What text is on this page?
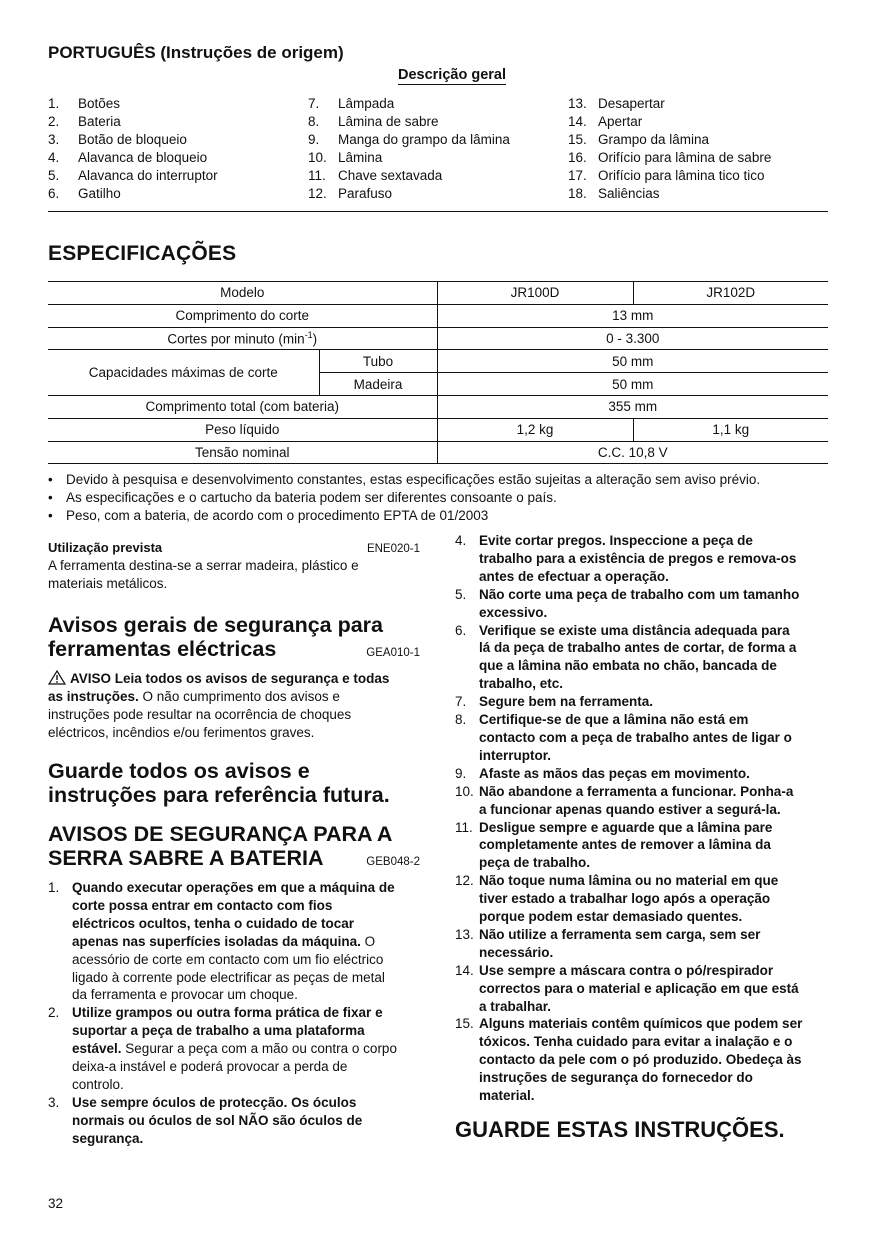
PORTUGUÊS (Instruções de origem)
Descrição geral
1.	Botões
2.	Bateria
3.	Botão de bloqueio
4.	Alavanca de bloqueio
5.	Alavanca do interruptor
6.	Gatilho
7.	Lâmpada
8.	Lâmina de sabre
9.	Manga do grampo da lâmina
10. Lâmina
11. Chave sextavada
12. Parafuso
13. Desapertar
14. Apertar
15. Grampo da lâmina
16. Orifício para lâmina de sabre
17. Orifício para lâmina tico tico
18. Saliências
ESPECIFICAÇÕES
Modelo		JR100D	JR102D
Comprimento do corte		13 mm	
Cortes por minuto $(\min^{-1})$		0 - 3.300	
Capacidades máximas de corte	Tubo	50 mm	
	Madeira	50 mm	
Comprimento total (com bateria)		355 mm	
Peso líquido		1,2 kg	1,1 kg
Tensão nominal		C.C. 10,8 V	
• Devido à pesquisa e desenvolvimento constantes, estas especificações estão sujeitas a alteração sem aviso prévio.
• As especificações e o cartucho da bateria podem ser diferentes consoante o país.
• Peso, com a bateria, de acordo com o procedimento EPTA de 01/2003
Utilização prevista	ENE020-1
A ferramenta destina-se a serrar madeira, plástico e
materiais metálicos.
Avisos gerais de segurança para
ferramentas eléctricas	GEA010-1
AVISO Leia todos os avisos de segurança e todas
as instruções. O não cumprimento dos avisos e
instruções pode resultar na ocorrência de choques
eléctricos, incêndios e/ou ferimentos graves.
Guarde todos os avisos e
instruções para referência futura.
AVISOS DE SEGURANÇA PARA A
SERRA SABRE A BATERIA	GEB048-2
1. Quando executar operações em que a máquina de
corte possa entrar em contacto com fios
eléctricos ocultos, tenha o cuidado de tocar
apenas nas superfícies isoladas da máquina. O
acessório de corte em contacto com um fio eléctrico
ligado à corrente pode electrificar as peças de metal
da ferramenta e provocar um choque.
2. Utilize grampos ou outra forma prática de fixar e
suportar a peça de trabalho a uma plataforma
estável. Segurar a peça com a mão ou contra o corpo
deixa-a instável e poderá provocar a perda de
controlo.
3. Use sempre óculos de protecção. Os óculos
normais ou óculos de sol NÃO são óculos de
segurança.
4. Evite cortar pregos. Inspeccione a peça de
trabalho para a existência de pregos e remova-os
antes de efectuar a operação.
5. Não corte uma peça de trabalho com um tamanho
excessivo.
6. Verifique se existe uma distância adequada para
lá da peça de trabalho antes de cortar, de forma a
que a lâmina não embata no chão, bancada de
trabalho, etc.
7. Segure bem na ferramenta.
8. Certifique-se de que a lâmina não está em
contacto com a peça de trabalho antes de ligar o
interruptor.
9. Afaste as mãos das peças em movimento.
10. Não abandone a ferramenta a funcionar. Ponha-a
a funcionar apenas quando estiver a segurá-la.
11. Desligue sempre e aguarde que a lâmina pare
completamente antes de remover a lâmina da
peça de trabalho.
12. Não toque numa lâmina ou no material em que
tiver estado a trabalhar logo após a operação
porque podem estar demasiado quentes.
13. Não utilize a ferramenta sem carga, sem ser
necessário.
14. Use sempre a máscara contra o pó/respirador
correctos para o material e aplicação em que está
a trabalhar.
15. Alguns materiais contêm químicos que podem ser
tóxicos. Tenha cuidado para evitar a inalação e o
contacto da pele com o pó produzido. Obedeça às
instruções de segurança do fornecedor do
material.
GUARDE ESTAS INSTRUÇÕES.
32
